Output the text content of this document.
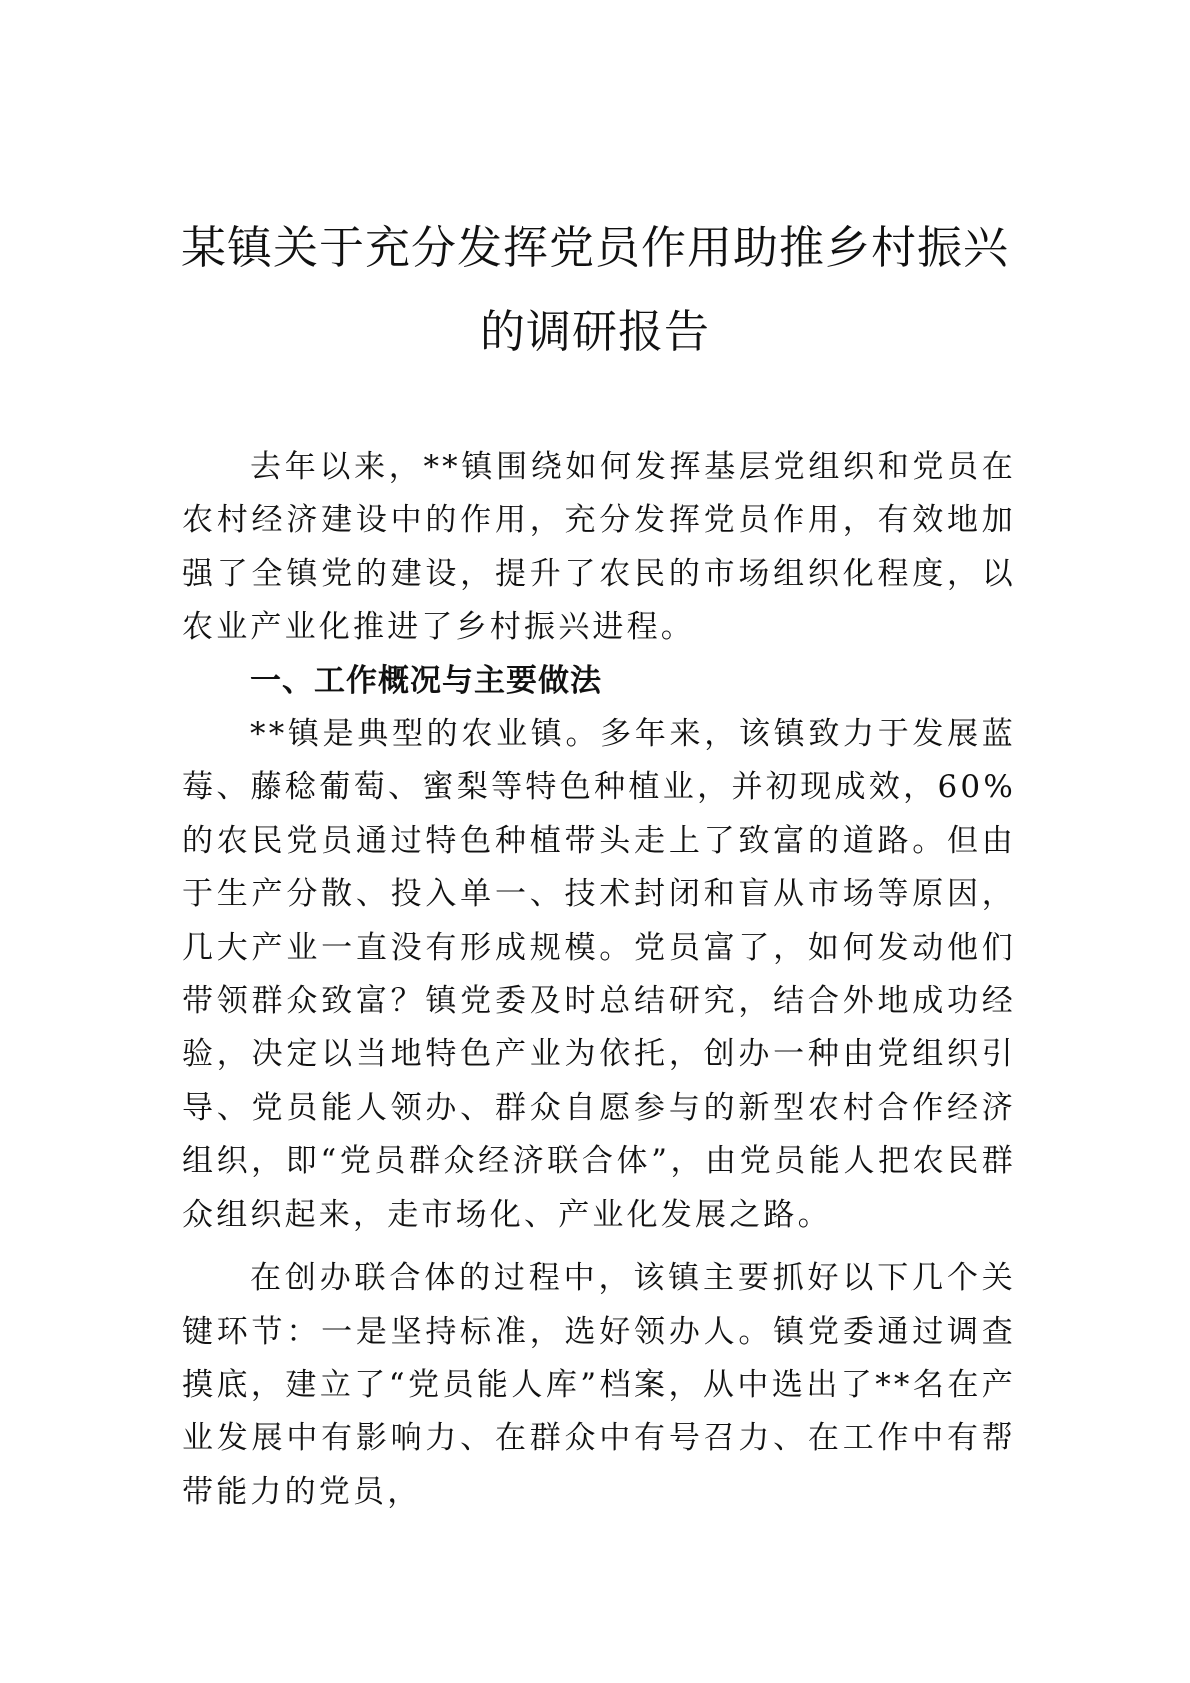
某镇关于充分发挥党员作用助推乡村振兴
的调研报告

去年以来，**镇围绕如何发挥基层党组织和党员在农村经济建设中的作用，充分发挥党员作用，有效地加强了全镇党的建设，提升了农民的市场组织化程度，以农业产业化推进了乡村振兴进程。

一、工作概况与主要做法

**镇是典型的农业镇。多年来，该镇致力于发展蓝莓、藤稔葡萄、蜜梨等特色种植业，并初现成效，60%的农民党员通过特色种植带头走上了致富的道路。但由于生产分散、投入单一、技术封闭和盲从市场等原因，几大产业一直没有形成规模。党员富了，如何发动他们带领群众致富？镇党委及时总结研究，结合外地成功经验，决定以当地特色产业为依托，创办一种由党组织引导、党员能人领办、群众自愿参与的新型农村合作经济组织，即“党员群众经济联合体”，由党员能人把农民群众组织起来，走市场化、产业化发展之路。

在创办联合体的过程中，该镇主要抓好以下几个关键环节：一是坚持标准，选好领办人。镇党委通过调查摸底，建立了“党员能人库”档案，从中选出了**名在产业发展中有影响力、在群众中有号召力、在工作中有帮带能力的党员，
